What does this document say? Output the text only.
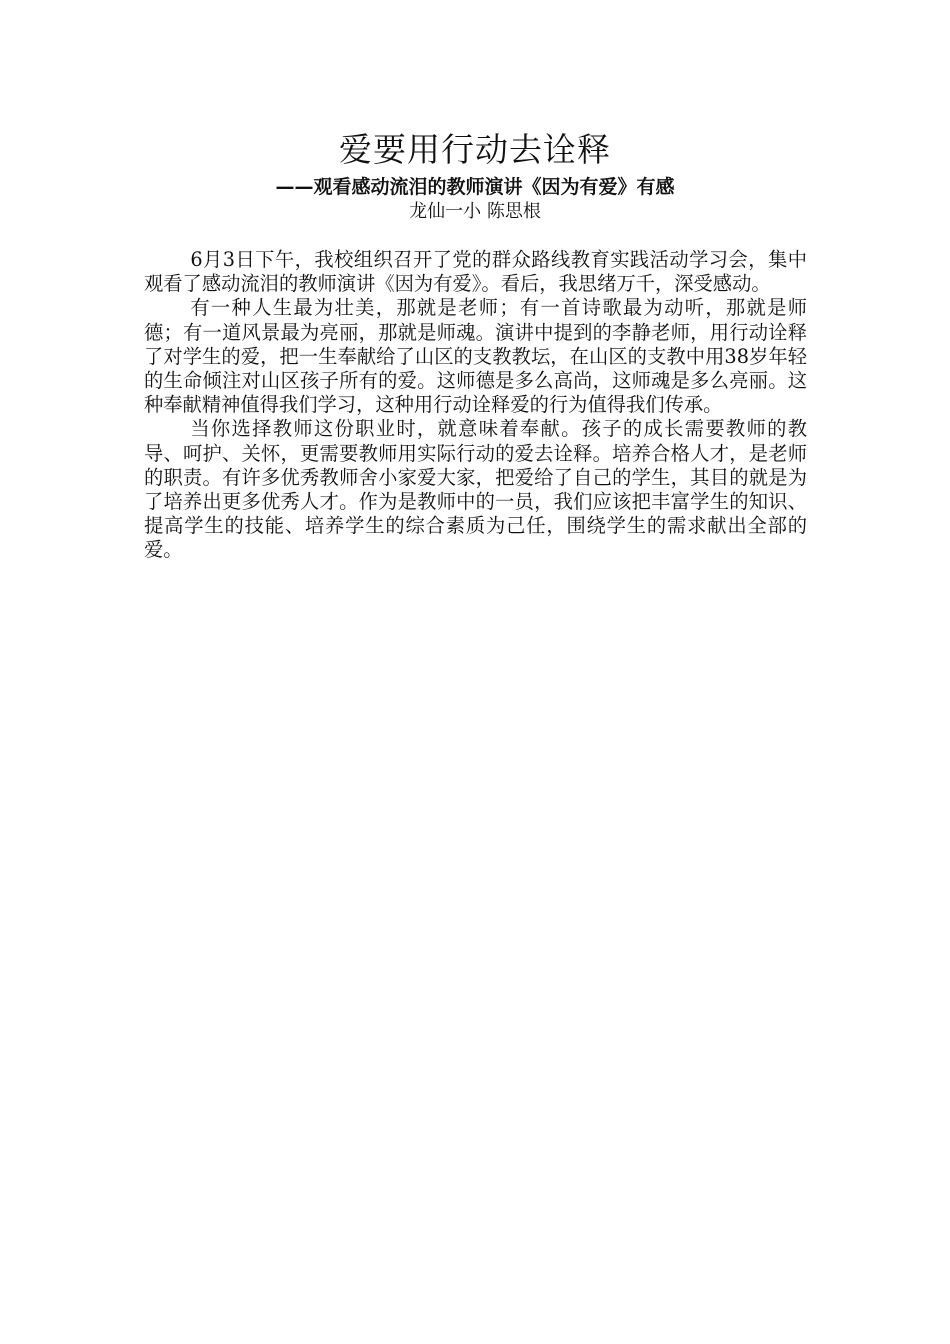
爱要用行动去诠释
——观看感动流泪的教师演讲《因为有爱》有感
龙仙一小 陈思根

6月3日下午，我校组织召开了党的群众路线教育实践活动学习会，集中观看了感动流泪的教师演讲《因为有爱》。看后，我思绪万千，深受感动。

有一种人生最为壮美，那就是老师；有一首诗歌最为动听，那就是师德；有一道风景最为亮丽，那就是师魂。演讲中提到的李静老师，用行动诠释了对学生的爱，把一生奉献给了山区的支教教坛，在山区的支教中用38岁年轻的生命倾注对山区孩子所有的爱。这师德是多么高尚，这师魂是多么亮丽。这种奉献精神值得我们学习，这种用行动诠释爱的行为值得我们传承。

当你选择教师这份职业时，就意味着奉献。孩子的成长需要教师的教导、呵护、关怀，更需要教师用实际行动的爱去诠释。培养合格人才，是老师的职责。有许多优秀教师舍小家爱大家，把爱给了自己的学生，其目的就是为了培养出更多优秀人才。作为是教师中的一员，我们应该把丰富学生的知识、提高学生的技能、培养学生的综合素质为己任，围绕学生的需求献出全部的爱。
